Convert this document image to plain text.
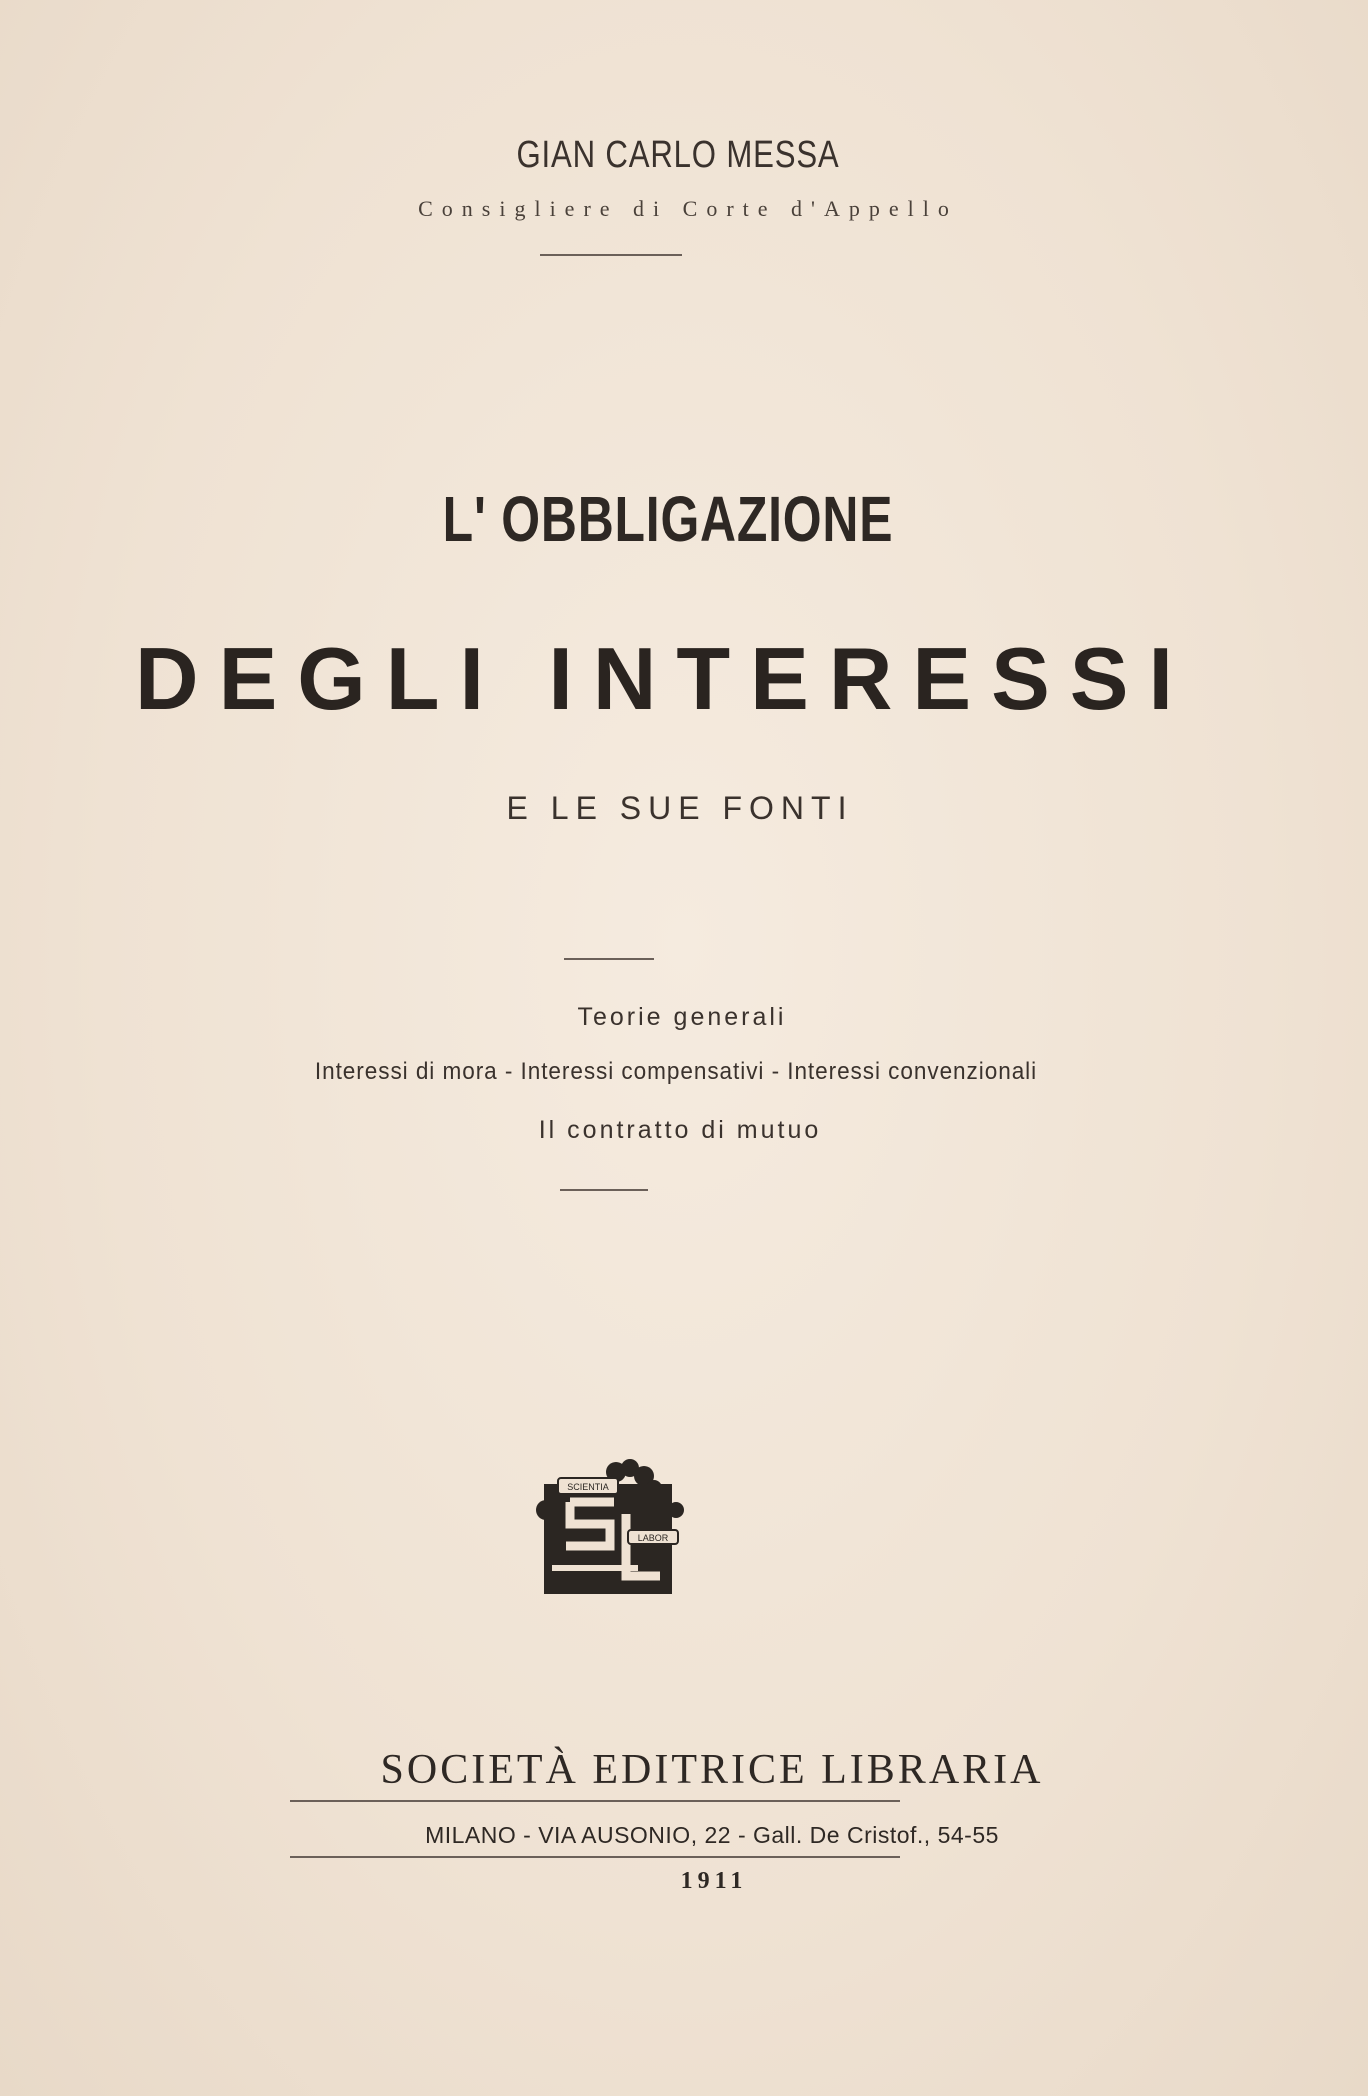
GIAN CARLO MESSA
Consigliere di Corte d'Appello
L' OBBLIGAZIONE
DEGLI INTERESSI
E LE SUE FONTI
Teorie generali
Interessi di mora - Interessi compensativi - Interessi convenzionali
Il contratto di mutuo
SCIENTIA
LABOR
SOCIETÀ EDITRICE LIBRARIA
MILANO - VIA AUSONIO, 22 - Gall. De Cristof., 54-55
1911
